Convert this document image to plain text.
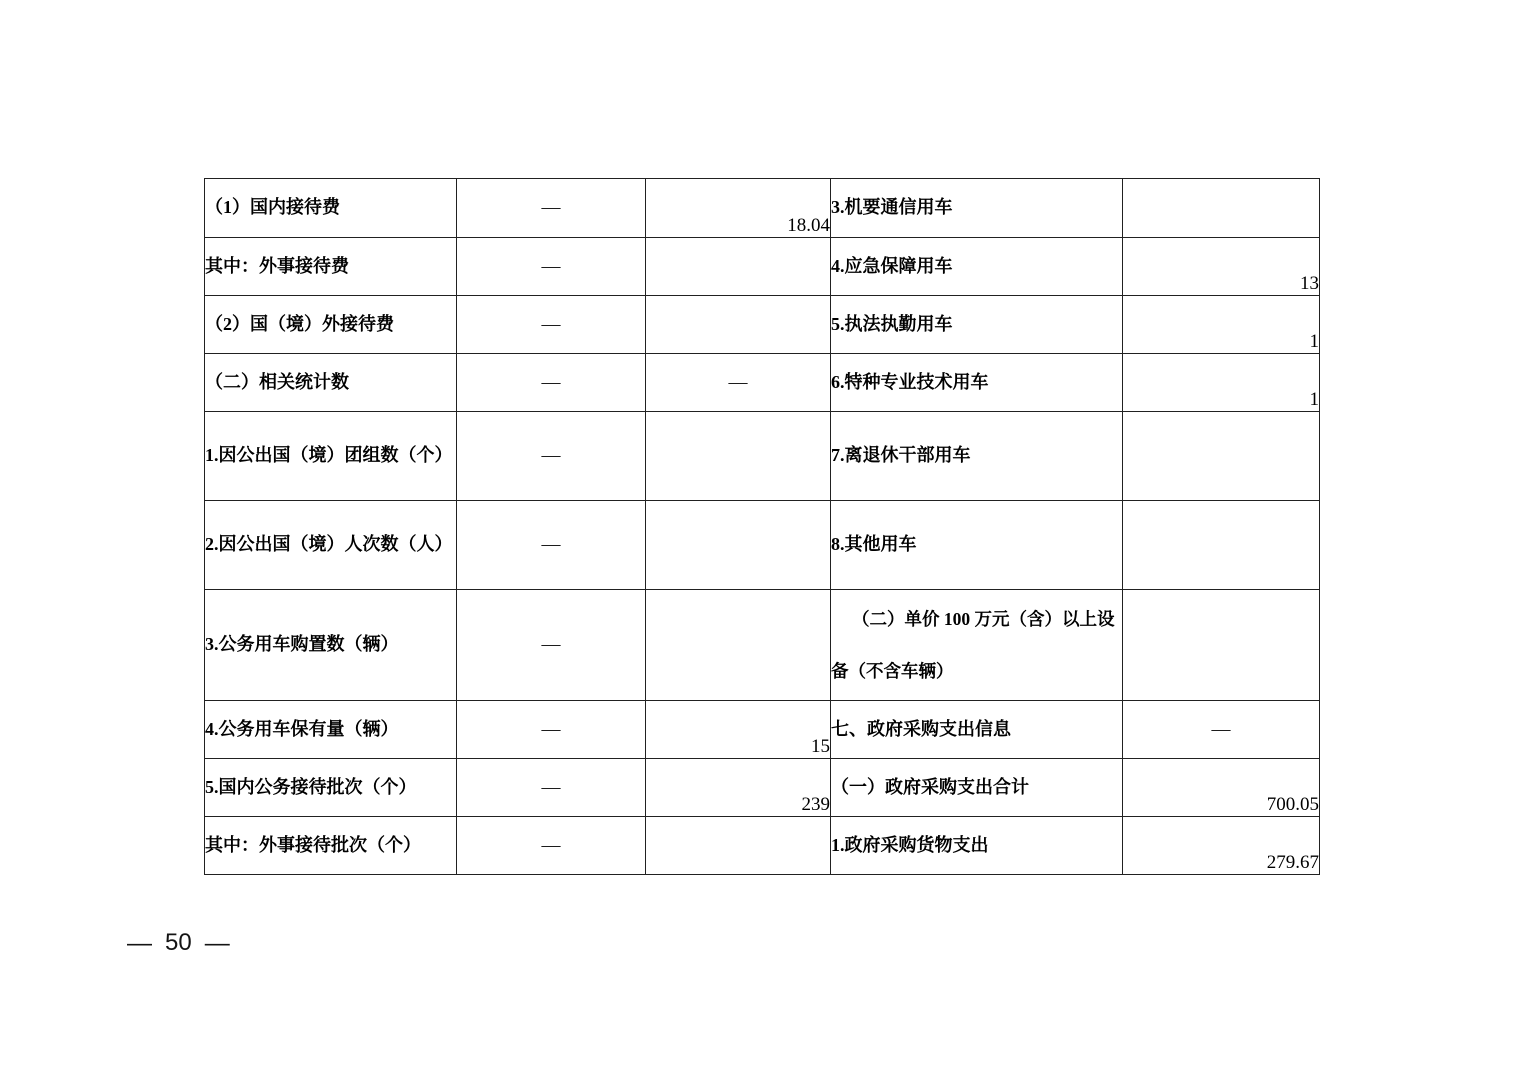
（1）国内接待费	—	18.04	3.机要通信用车	
其中：外事接待费	—		4.应急保障用车	13
（2）国（境）外接待费	—		5.执法执勤用车	1
（二）相关统计数	—	—	6.特种专业技术用车	1
1.因公出国（境）团组数（个）	—		7.离退休干部用车	
2.因公出国（境）人次数（人）	—		8.其他用车	
3.公务用车购置数（辆）	—		（二）单价 100 万元（含）以上设备（不含车辆）	
4.公务用车保有量（辆）	—	15	七、政府采购支出信息	—
5.国内公务接待批次（个）	—	239	（一）政府采购支出合计	700.05
其中：外事接待批次（个）	—		1.政府采购货物支出	279.67
— 50 —
